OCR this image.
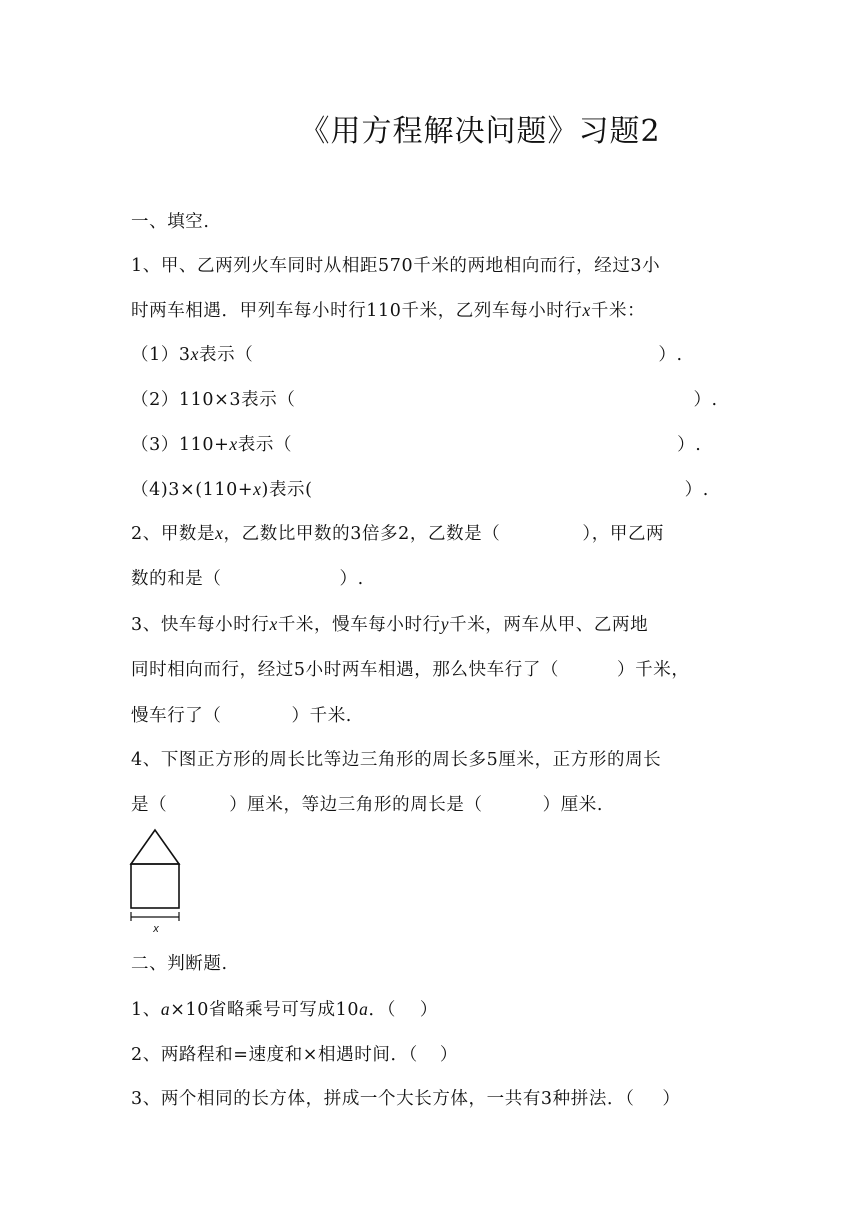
《用方程解决问题》习题2
一、填空.
1、甲、乙两列火车同时从相距570千米的两地相向而行，经过3小
时两车相遇．甲列车每小时行110千米，乙列车每小时行x千米：
（1）3x表示（	）.
（2）110×3表示（	）.
（3）110+x表示（	）.
（4)3×(110+x)表示(	）.
2、甲数是x，乙数比甲数的3倍多2，乙数是（	），甲乙两
数的和是（	）.
3、快车每小时行x千米，慢车每小时行y千米，两车从甲、乙两地
同时相向而行，经过5小时两车相遇，那么快车行了（	）千米，
慢车行了（	）千米.
4、下图正方形的周长比等边三角形的周长多5厘米，正方形的周长
是（	）厘米，等边三角形的周长是（	）厘米.
x
二、判断题.
1、a×10省略乘号可写成10a．（ ）
2、两路程和=速度和×相遇时间．（ ）
3、两个相同的长方体，拼成一个大长方体，一共有3种拼法．（ ）
